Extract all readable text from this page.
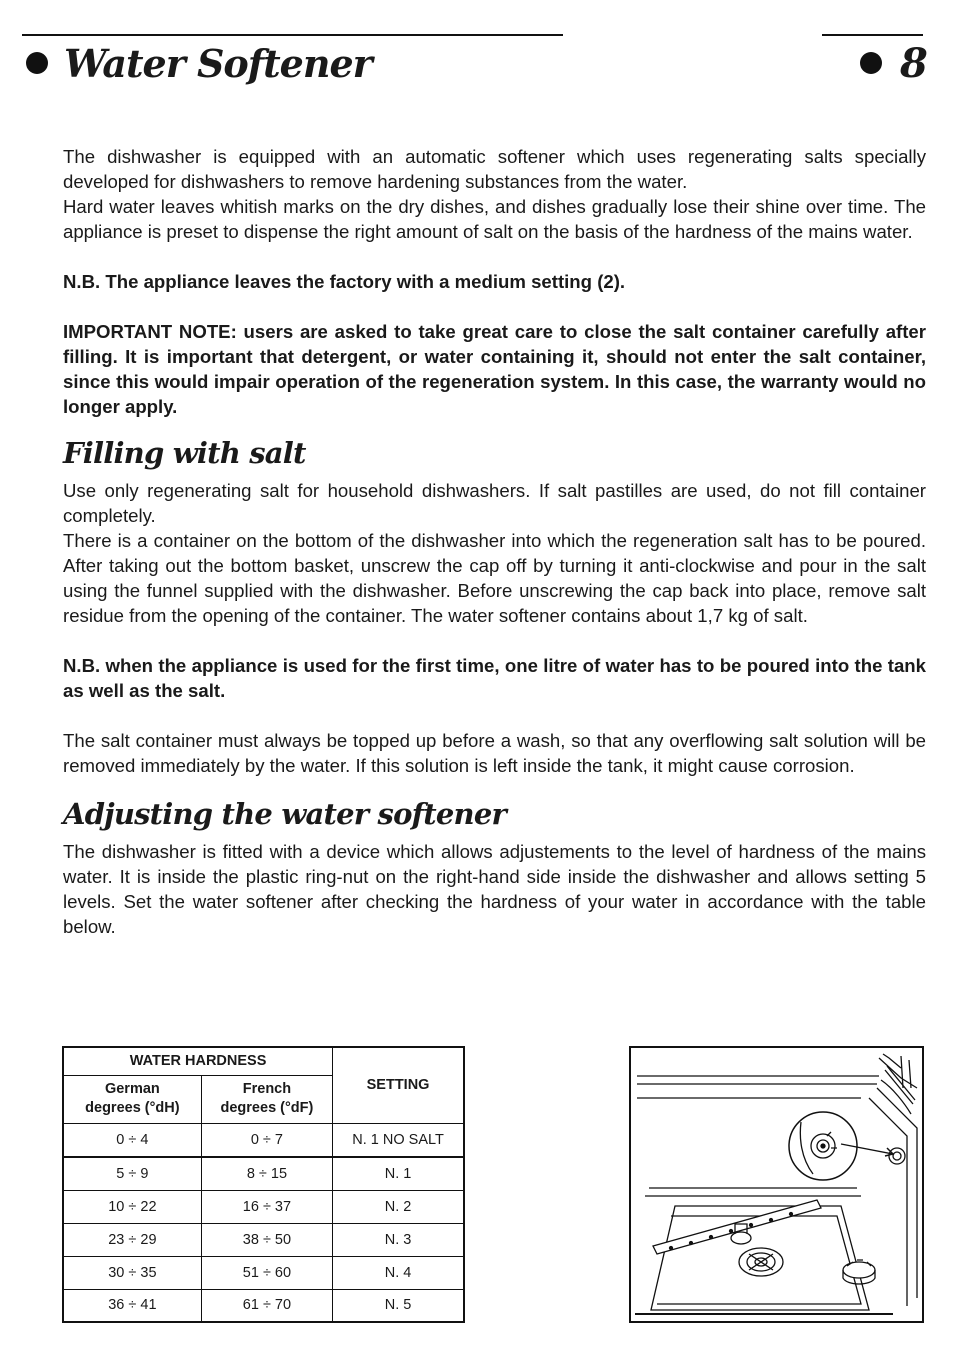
Water Softener	8

The dishwasher is equipped with an automatic softener which uses regenerating salts specially developed for dishwashers to remove hardening substances from the water.

Hard water leaves whitish marks on the dry dishes, and dishes gradually lose their shine over time. The appliance is preset to dispense the right amount of salt on the basis of the hardness of the mains water.

N.B. The appliance leaves the factory with a medium setting (2).

IMPORTANT NOTE: users are asked to take great care to close the salt container carefully after filling. It is important that detergent, or water containing it, should not enter the salt container, since this would impair operation of the regeneration system. In this case, the warranty would no longer apply.

Filling with salt

Use only regenerating salt for household dishwashers. If salt pastilles are used, do not fill container completely.

There is a container on the bottom of the dishwasher into which the regeneration salt has to be poured. After taking out the bottom basket, unscrew the cap off by turning it anti-clockwise and pour in the salt using the funnel supplied with the dishwasher. Before unscrewing the cap back into place, remove salt residue from the opening of the container. The water softener contains about 1,7 kg of salt.

N.B. when the appliance is used for the first time, one litre of water has to be poured into the tank as well as the salt.

The salt container must always be topped up before a wash, so that any overflowing salt solution will be removed immediately by the water. If this solution is left inside the tank, it might cause corrosion.

Adjusting the water softener

The dishwasher is fitted with a device which allows adjustements to the level of hardness of the mains water. It is inside the plastic ring-nut on the right-hand side inside the dishwasher and allows setting 5 levels. Set the water softener after checking the hardness of your water in accordance with the table below.

WATER HARDNESS		SETTING
German
degrees (°dH)	French
degrees (°dF)	
0 ÷ 4	0 ÷ 7	N. 1 NO SALT
5 ÷ 9	8 ÷ 15	N. 1
10 ÷ 22	16 ÷ 37	N. 2
23 ÷ 29	38 ÷ 50	N. 3
30 ÷ 35	51 ÷ 60	N. 4
36 ÷ 41	61 ÷ 70	N. 5
